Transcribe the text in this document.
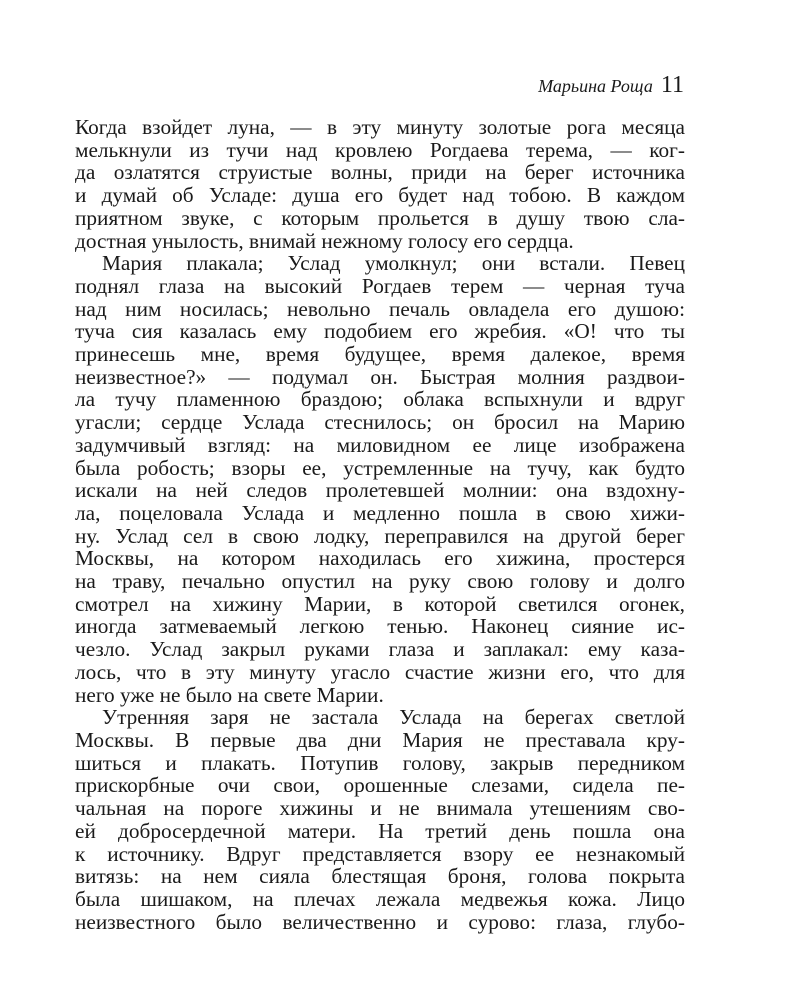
Марьина Роща 11
Когда взойдет луна, — в эту минуту золотые рога месяца
мелькнули из тучи над кровлею Рогдаева терема, — ког-
да озлатятся струистые волны, приди на берег источника
и думай об Усладе: душа его будет над тобою. В каждом
приятном звуке, с которым прольется в душу твою сла-
достная унылость, внимай нежному голосу его сердца.
Мария плакала; Услад умолкнул; они встали. Певец
поднял глаза на высокий Рогдаев терем — черная туча
над ним носилась; невольно печаль овладела его душою:
туча сия казалась ему подобием его жребия. «О! что ты
принесешь мне, время будущее, время далекое, время
неизвестное?» — подумал он. Быстрая молния раздвои-
ла тучу пламенною браздою; облака вспыхнули и вдруг
угасли; сердце Услада стеснилось; он бросил на Марию
задумчивый взгляд: на миловидном ее лице изображена
была робость; взоры ее, устремленные на тучу, как будто
искали на ней следов пролетевшей молнии: она вздохну-
ла, поцеловала Услада и медленно пошла в свою хижи-
ну. Услад сел в свою лодку, переправился на другой берег
Москвы, на котором находилась его хижина, простерся
на траву, печально опустил на руку свою голову и долго
смотрел на хижину Марии, в которой светился огонек,
иногда затмеваемый легкою тенью. Наконец сияние ис-
чезло. Услад закрыл руками глаза и заплакал: ему каза-
лось, что в эту минуту угасло счастие жизни его, что для
него уже не было на свете Марии.
Утренняя заря не застала Услада на берегах светлой
Москвы. В первые два дни Мария не преставала кру-
шиться и плакать. Потупив голову, закрыв передником
прискорбные очи свои, орошенные слезами, сидела пе-
чальная на пороге хижины и не внимала утешениям сво-
ей добросердечной матери. На третий день пошла она
к источнику. Вдруг представляется взору ее незнакомый
витязь: на нем сияла блестящая броня, голова покрыта
была шишаком, на плечах лежала медвежья кожа. Лицо
неизвестного было величественно и сурово: глаза, глубо-
